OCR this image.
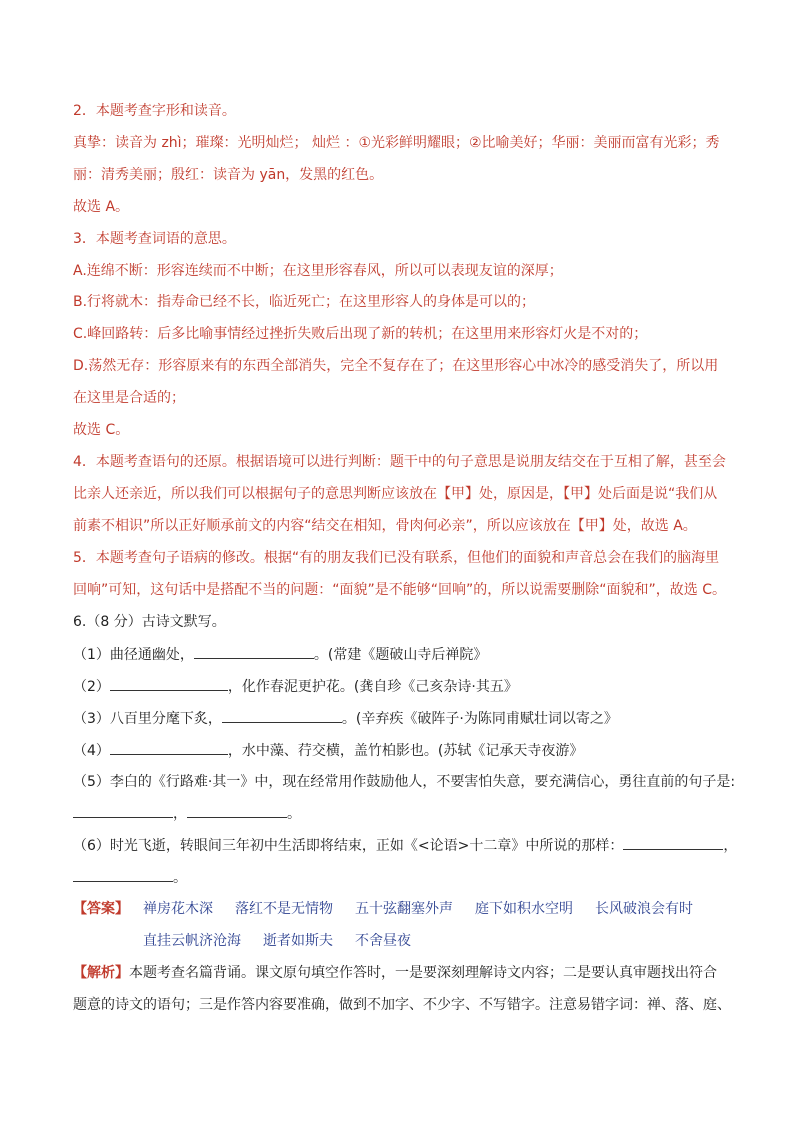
2．本题考查字形和读音。
真挚：读音为 zhì；璀璨：光明灿烂； 灿烂 ：①光彩鲜明耀眼；②比喻美好；华丽：美丽而富有光彩；秀
丽：清秀美丽；殷红：读音为 yān，发黑的红色。
故选 A。
3．本题考查词语的意思。
A.连绵不断：形容连续而不中断；在这里形容春风，所以可以表现友谊的深厚；
B.行将就木：指寿命已经不长，临近死亡；在这里形容人的身体是可以的；
C.峰回路转：后多比喻事情经过挫折失败后出现了新的转机；在这里用来形容灯火是不对的；
D.荡然无存：形容原来有的东西全部消失，完全不复存在了；在这里形容心中冰冷的感受消失了，所以用
在这里是合适的；
故选 C。
4．本题考查语句的还原。根据语境可以进行判断：题干中的句子意思是说朋友结交在于互相了解，甚至会
比亲人还亲近，所以我们可以根据句子的意思判断应该放在【甲】处，原因是，【甲】处后面是说“我们从
前素不相识”所以正好顺承前文的内容“结交在相知，骨肉何必亲”，所以应该放在【甲】处，故选 A。
5．本题考查句子语病的修改。根据“有的朋友我们已没有联系，但他们的面貌和声音总会在我们的脑海里
回响”可知，这句话中是搭配不当的问题：“面貌”是不能够“回响”的，所以说需要删除“面貌和”，故选 C。
6.（8 分）古诗文默写。
（1）曲径通幽处，	。(常建《题破山寺后禅院》
（2）	，化作春泥更护花。(龚自珍《己亥杂诗·其五》
（3）八百里分麾下炙，	。(辛弃疾《破阵子·为陈同甫赋壮词以寄之》
（4）	，水中藻、荇交横，盖竹柏影也。(苏轼《记承天寺夜游》
（5）李白的《行路难·其一》中，现在经常用作鼓励他人，不要害怕失意，要充满信心，勇往直前的句子是:
，	。
（6）时光飞逝，转眼间三年初中生活即将结束，正如《<论语>十二章》中所说的那样：	，
。
【答案】 禅房花木深 落红不是无情物 五十弦翻塞外声 庭下如积水空明 长风破浪会有时
直挂云帆济沧海 逝者如斯夫 不舍昼夜
【解析】本题考查名篇背诵。课文原句填空作答时，一是要深刻理解诗文内容；二是要认真审题找出符合
题意的诗文的语句；三是作答内容要准确，做到不加字、不少字、不写错字。注意易错字词：禅、落、庭、
